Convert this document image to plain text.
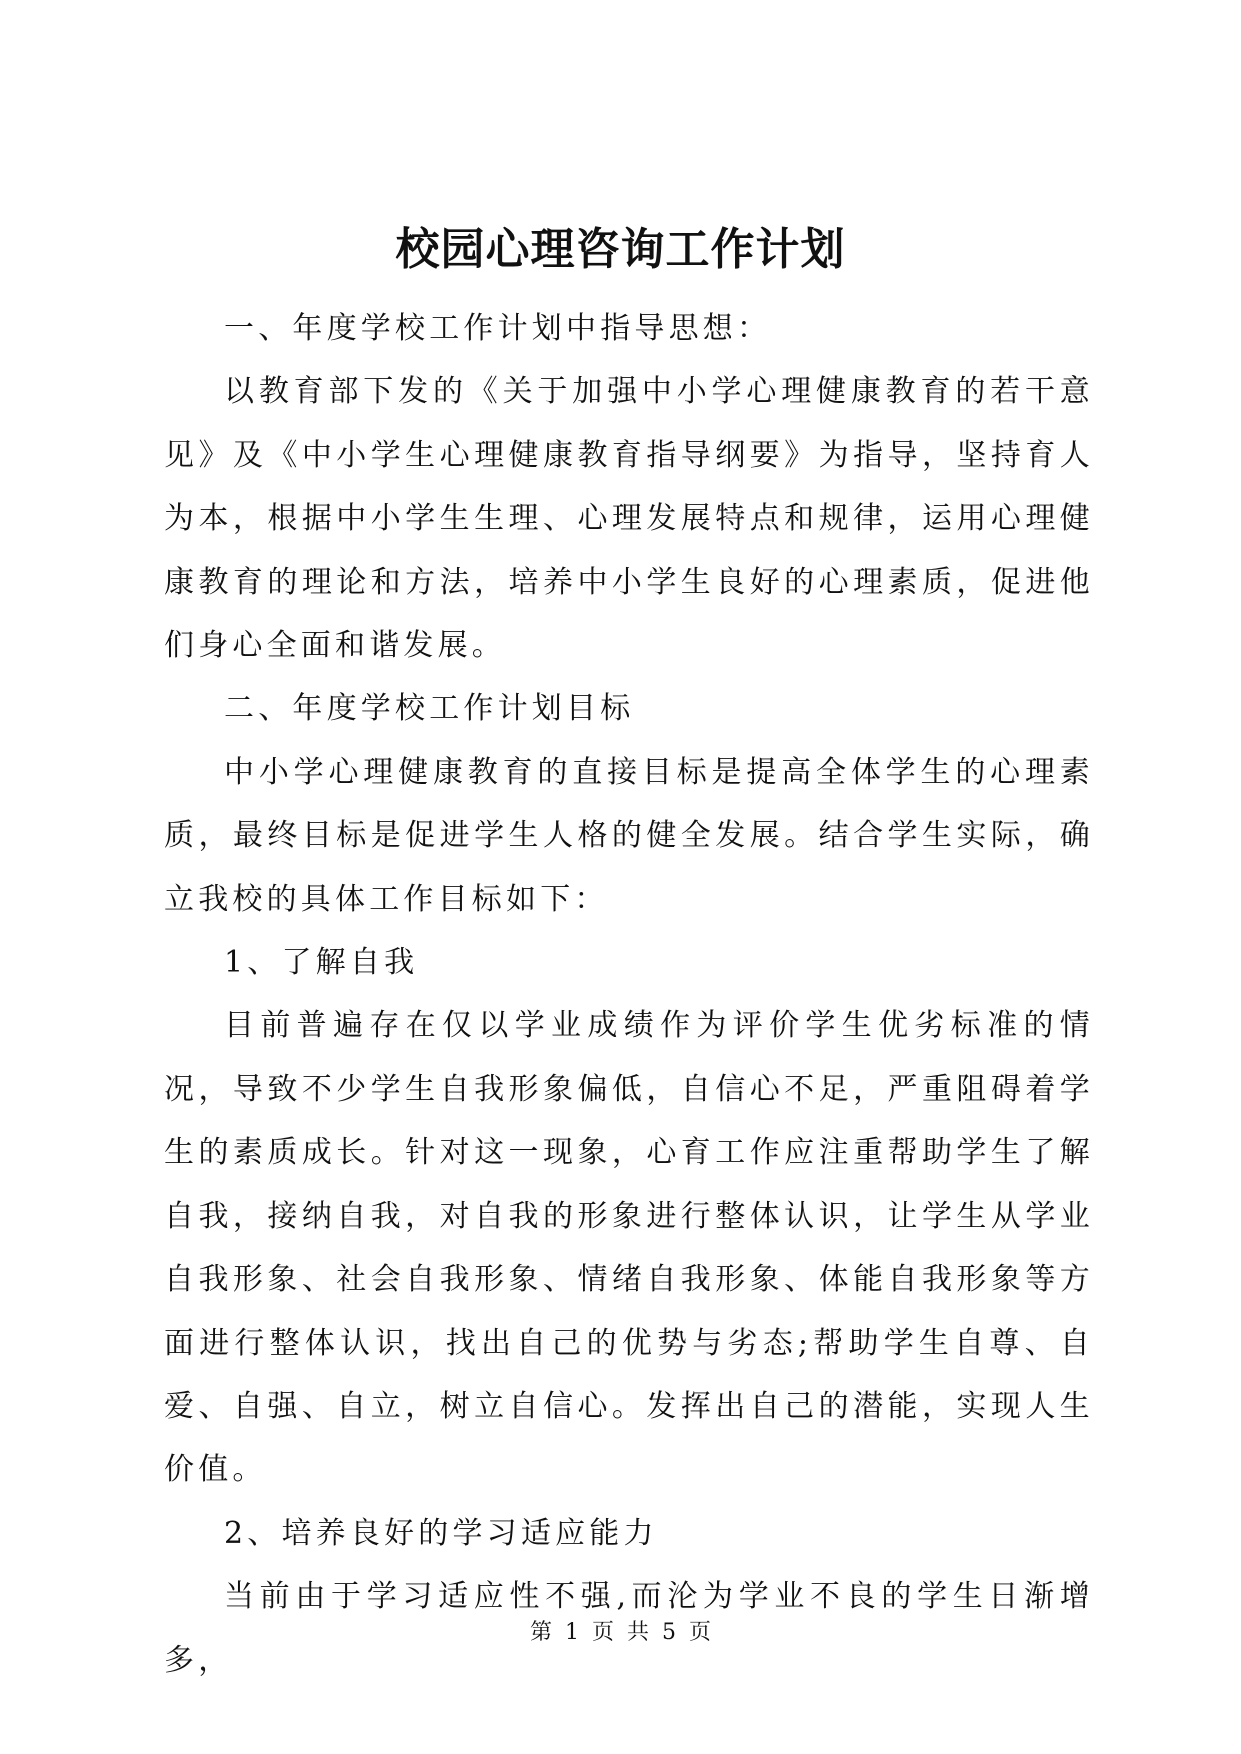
校园心理咨询工作计划

一、年度学校工作计划中指导思想：

以教育部下发的《关于加强中小学心理健康教育的若干意见》及《中小学生心理健康教育指导纲要》为指导，坚持育人为本，根据中小学生生理、心理发展特点和规律，运用心理健康教育的理论和方法，培养中小学生良好的心理素质，促进他们身心全面和谐发展。

二、年度学校工作计划目标

中小学心理健康教育的直接目标是提高全体学生的心理素质，最终目标是促进学生人格的健全发展。结合学生实际，确立我校的具体工作目标如下：

1、了解自我

目前普遍存在仅以学业成绩作为评价学生优劣标准的情况，导致不少学生自我形象偏低，自信心不足，严重阻碍着学生的素质成长。针对这一现象，心育工作应注重帮助学生了解自我，接纳自我，对自我的形象进行整体认识，让学生从学业自我形象、社会自我形象、情绪自我形象、体能自我形象等方面进行整体认识，找出自己的优势与劣态;帮助学生自尊、自爱、自强、自立，树立自信心。发挥出自己的潜能，实现人生价值。

2、培养良好的学习适应能力

当前由于学习适应性不强,而沦为学业不良的学生日渐增多，

第 1 页 共 5 页
